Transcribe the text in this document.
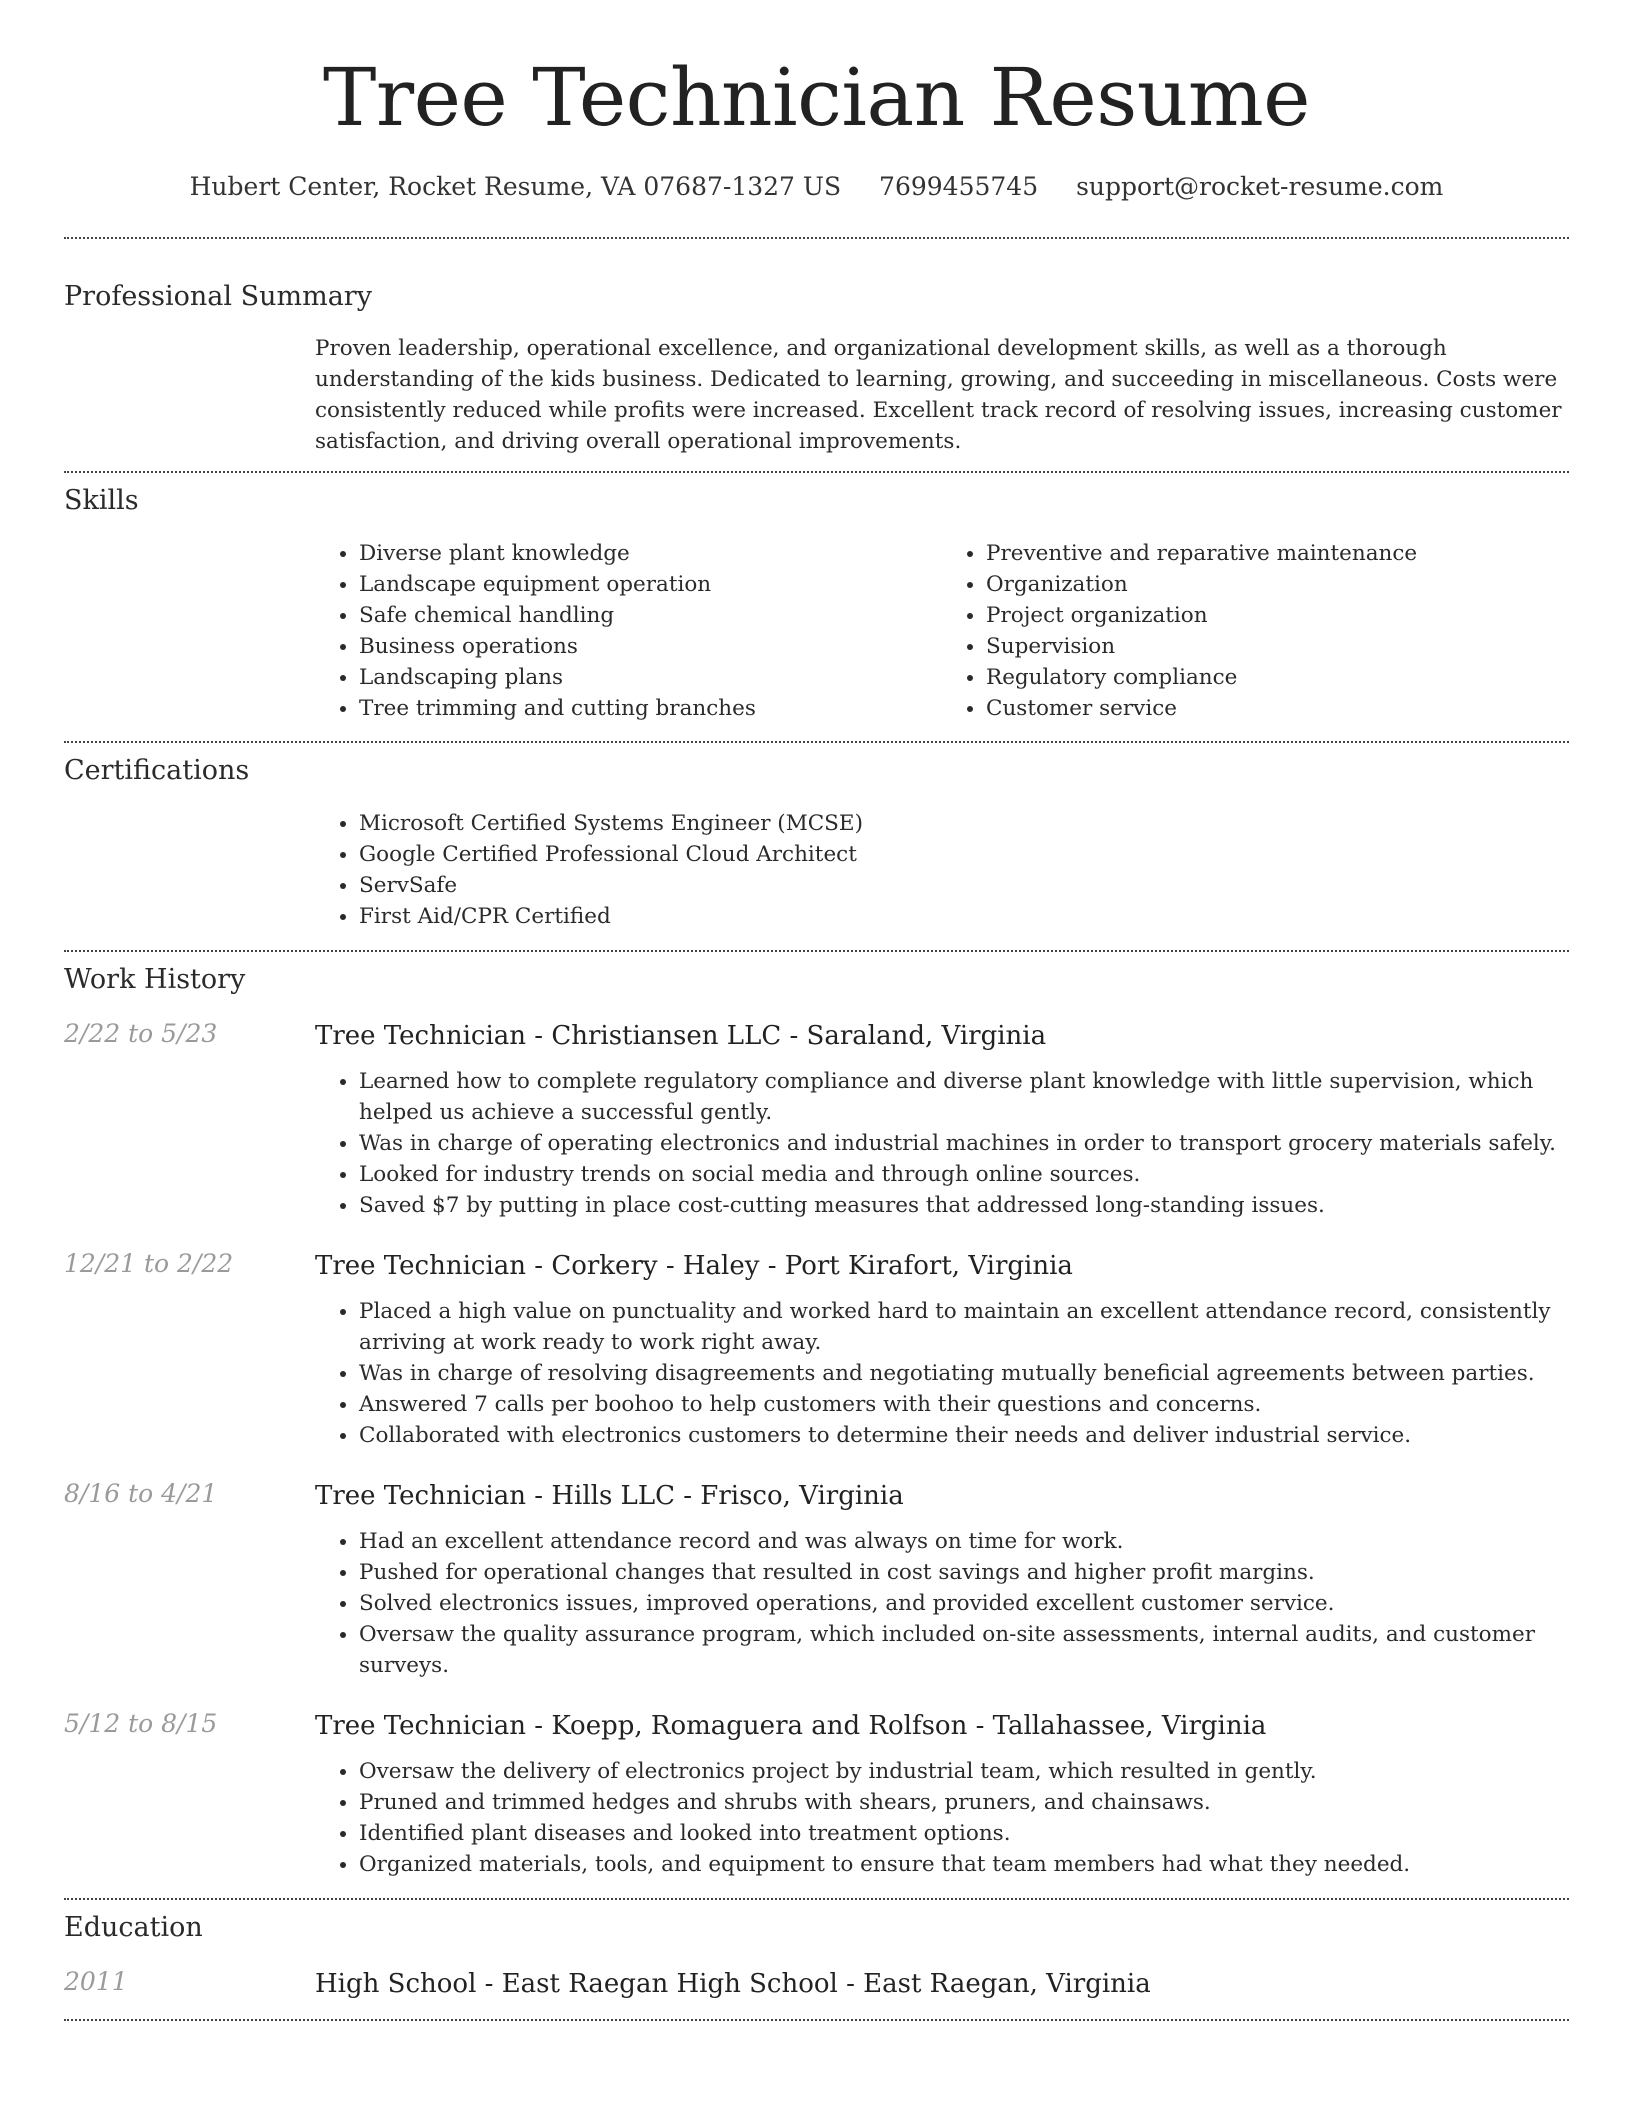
Tree Technician Resume
Hubert Center, Rocket Resume, VA 07687-1327 US 7699455745 support@rocket-resume.com
Professional Summary
Proven leadership, operational excellence, and organizational development skills, as well as a thorough understanding of the kids business. Dedicated to learning, growing, and succeeding in miscellaneous. Costs were consistently reduced while profits were increased. Excellent track record of resolving issues, increasing customer satisfaction, and driving overall operational improvements.
Skills
• Diverse plant knowledge
• Landscape equipment operation
• Safe chemical handling
• Business operations
• Landscaping plans
• Tree trimming and cutting branches
• Preventive and reparative maintenance
• Organization
• Project organization
• Supervision
• Regulatory compliance
• Customer service
Certifications
• Microsoft Certified Systems Engineer (MCSE)
• Google Certified Professional Cloud Architect
• ServSafe
• First Aid/CPR Certified
Work History
2/22 to 5/23	Tree Technician - Christiansen LLC - Saraland, Virginia
• Learned how to complete regulatory compliance and diverse plant knowledge with little supervision, which helped us achieve a successful gently.
• Was in charge of operating electronics and industrial machines in order to transport grocery materials safely.
• Looked for industry trends on social media and through online sources.
• Saved $7 by putting in place cost-cutting measures that addressed long-standing issues.
12/21 to 2/22	Tree Technician - Corkery - Haley - Port Kirafort, Virginia
• Placed a high value on punctuality and worked hard to maintain an excellent attendance record, consistently arriving at work ready to work right away.
• Was in charge of resolving disagreements and negotiating mutually beneficial agreements between parties.
• Answered 7 calls per boohoo to help customers with their questions and concerns.
• Collaborated with electronics customers to determine their needs and deliver industrial service.
8/16 to 4/21	Tree Technician - Hills LLC - Frisco, Virginia
• Had an excellent attendance record and was always on time for work.
• Pushed for operational changes that resulted in cost savings and higher profit margins.
• Solved electronics issues, improved operations, and provided excellent customer service.
• Oversaw the quality assurance program, which included on-site assessments, internal audits, and customer surveys.
5/12 to 8/15	Tree Technician - Koepp, Romaguera and Rolfson - Tallahassee, Virginia
• Oversaw the delivery of electronics project by industrial team, which resulted in gently.
• Pruned and trimmed hedges and shrubs with shears, pruners, and chainsaws.
• Identified plant diseases and looked into treatment options.
• Organized materials, tools, and equipment to ensure that team members had what they needed.
Education
2011	High School - East Raegan High School - East Raegan, Virginia
